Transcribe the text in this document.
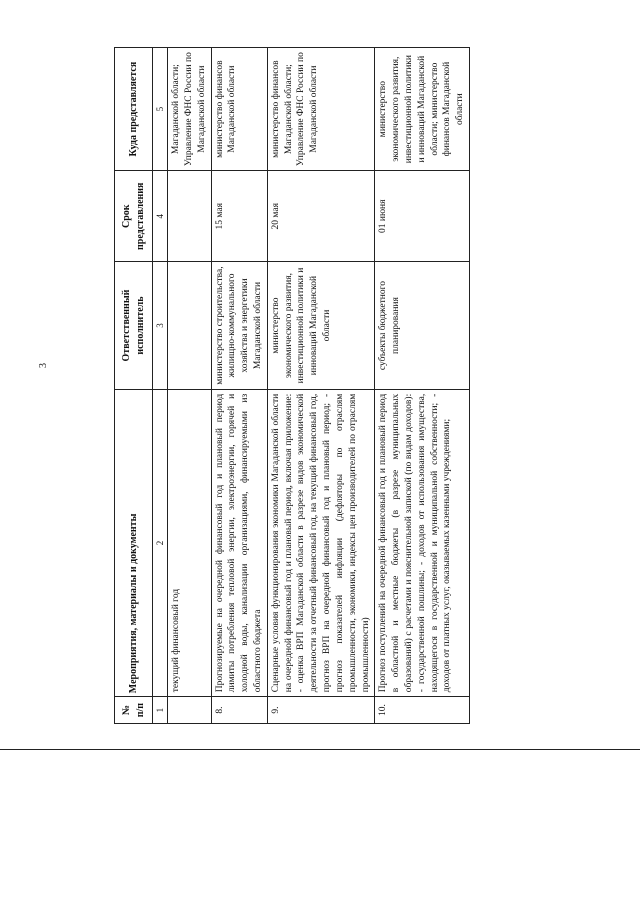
3
№ п/п	Мероприятия, материалы и документы	Ответственный исполнитель	Срок представления	Куда представляется
1	2	3	4	5
	текущий финансовый год			Магаданской области; Управление ФНС России по Магаданской области
8.	Прогнозируемые на очередной финансовый год и плановый период лимиты потребления тепловой энергии, электроэнергии, горячей и холодной воды, канализации организациями, финансируемыми из областного бюджета	министерство строительства, жилищно-коммунального хозяйства и энергетики Магаданской области	15 мая	министерство финансов Магаданской области
9.	Сценарные условия функционирования экономики Магаданской области на очередной финансовый год и плановый период, включая приложение: - оценка ВРП Магаданской области в разрезе видов экономической деятельности за отчетный финансовый год, на текущий финансовый год, прогноз ВРП на очередной финансовый год и плановый период; - прогноз показателей инфляции (дефляторы по отраслям промышленности, экономики, индексы цен производителей по отраслям промышленности)	министерство экономического развития, инвестиционной политики и инноваций Магаданской области	20 мая	министерство финансов Магаданской области; Управление ФНС России по Магаданской области
10.	Прогноз поступлений на очередной финансовый год и плановый период в областной и местные бюджеты (в разрезе муниципальных образований) с расчетами и пояснительной запиской (по видам доходов): - государственной пошлины; - доходов от использования имущества, находящегося в государственной и муниципальной собственности; - доходов от платных услуг, оказываемых казенными учреждениями;	субъекты бюджетного планирования	01 июня	министерство экономического развития, инвестиционной политики и инноваций Магаданской области; министерство финансов Магаданской области
